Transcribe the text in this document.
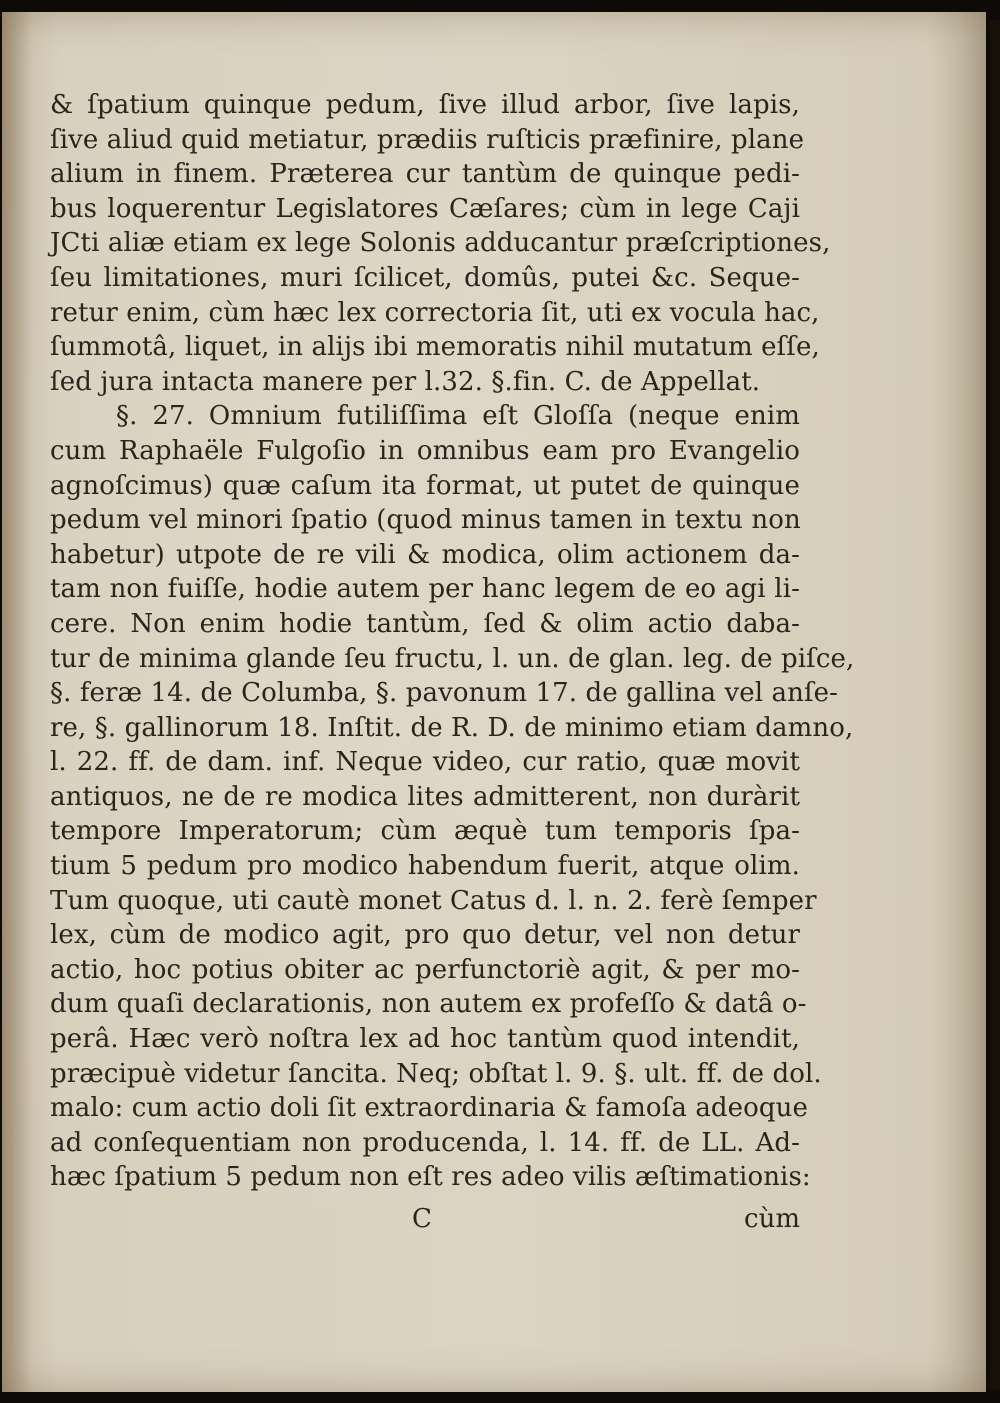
& ſpatium quinque pedum, ſive illud arbor, ſive lapis,
ſive aliud quid metiatur, prædiis ruſticis præfinire, plane
alium in finem. Præterea cur tantùm de quinque pedi-
bus loquerentur Legislatores Cæſares; cùm in lege Caji
JCti aliæ etiam ex lege Solonis adducantur præſcriptiones,
ſeu limitationes, muri ſcilicet, domûs, putei &c. Seque-
retur enim, cùm hæc lex correctoria ſit, uti ex vocula hac,
ſummotâ, liquet, in alijs ibi memoratis nihil mutatum eſſe,
ſed jura intacta manere per l.32. §.fin. C. de Appellat.
§. 27. Omnium futiliſſima eſt Gloſſa (neque enim
cum Raphaële Fulgoſio in omnibus eam pro Evangelio
agnoſcimus) quæ caſum ita format, ut putet de quinque
pedum vel minori ſpatio (quod minus tamen in textu non
habetur) utpote de re vili & modica, olim actionem da-
tam non fuiſſe, hodie autem per hanc legem de eo agi li-
cere. Non enim hodie tantùm, ſed & olim actio daba-
tur de minima glande ſeu fructu, l. un. de glan. leg. de piſce,
§. feræ 14. de Columba, §. pavonum 17. de gallina vel anſe-
re, §. gallinorum 18. Inſtit. de R. D. de minimo etiam damno,
l. 22. ff. de dam. inf. Neque video, cur ratio, quæ movit
antiquos, ne de re modica lites admitterent, non duràrit
tempore Imperatorum; cùm æquè tum temporis ſpa-
tium 5 pedum pro modico habendum fuerit, atque olim.
Tum quoque, uti cautè monet Catus d. l. n. 2. ferè ſemper
lex, cùm de modico agit, pro quo detur, vel non detur
actio, hoc potius obiter ac perfunctoriè agit, & per mo-
dum quaſi declarationis, non autem ex profeſſo & datâ o-
perâ. Hæc verò noſtra lex ad hoc tantùm quod intendit,
præcipuè videtur ſancita. Neq; obſtat l. 9. §. ult. ff. de dol.
malo: cum actio doli ſit extraordinaria & famoſa adeoque
ad conſequentiam non producenda, l. 14. ff. de LL. Ad-
hæc ſpatium 5 pedum non eſt res adeo vilis æſtimationis:
C	cùm
